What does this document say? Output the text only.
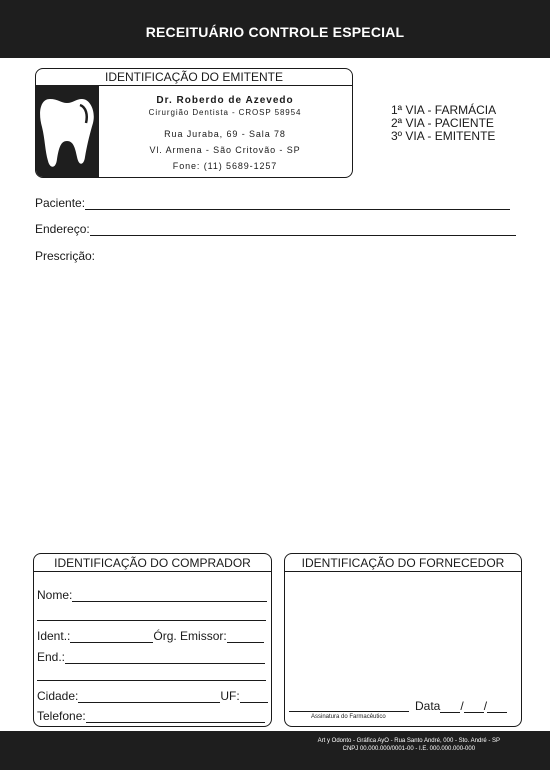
RECEITUÁRIO CONTROLE ESPECIAL
IDENTIFICAÇÃO DO EMITENTE
Dr. Roberdo de Azevedo
Cirurgião Dentista - CROSP 58954
Rua Juraba, 69 - Sala 78
Vl. Armena - São Critovão - SP
Fone: (11) 5689-1257
1ª VIA - FARMÁCIA
2ª VIA - PACIENTE
3º VIA - EMITENTE
Paciente:
Endereço:
Prescrição:
IDENTIFICAÇÃO DO COMPRADOR
Nome:
Ident.:	Órg. Emissor:
End.:
Cidade:	UF:
Telefone:
IDENTIFICAÇÃO DO FORNECEDOR
Assinatura do Farmacêutico
Data / /
Art y Odonto - Gráfica AyO - Rua Santo André, 000 - Sto. André - SP
CNPJ 00.000.000/0001-00 - I.E. 000.000.000-000
